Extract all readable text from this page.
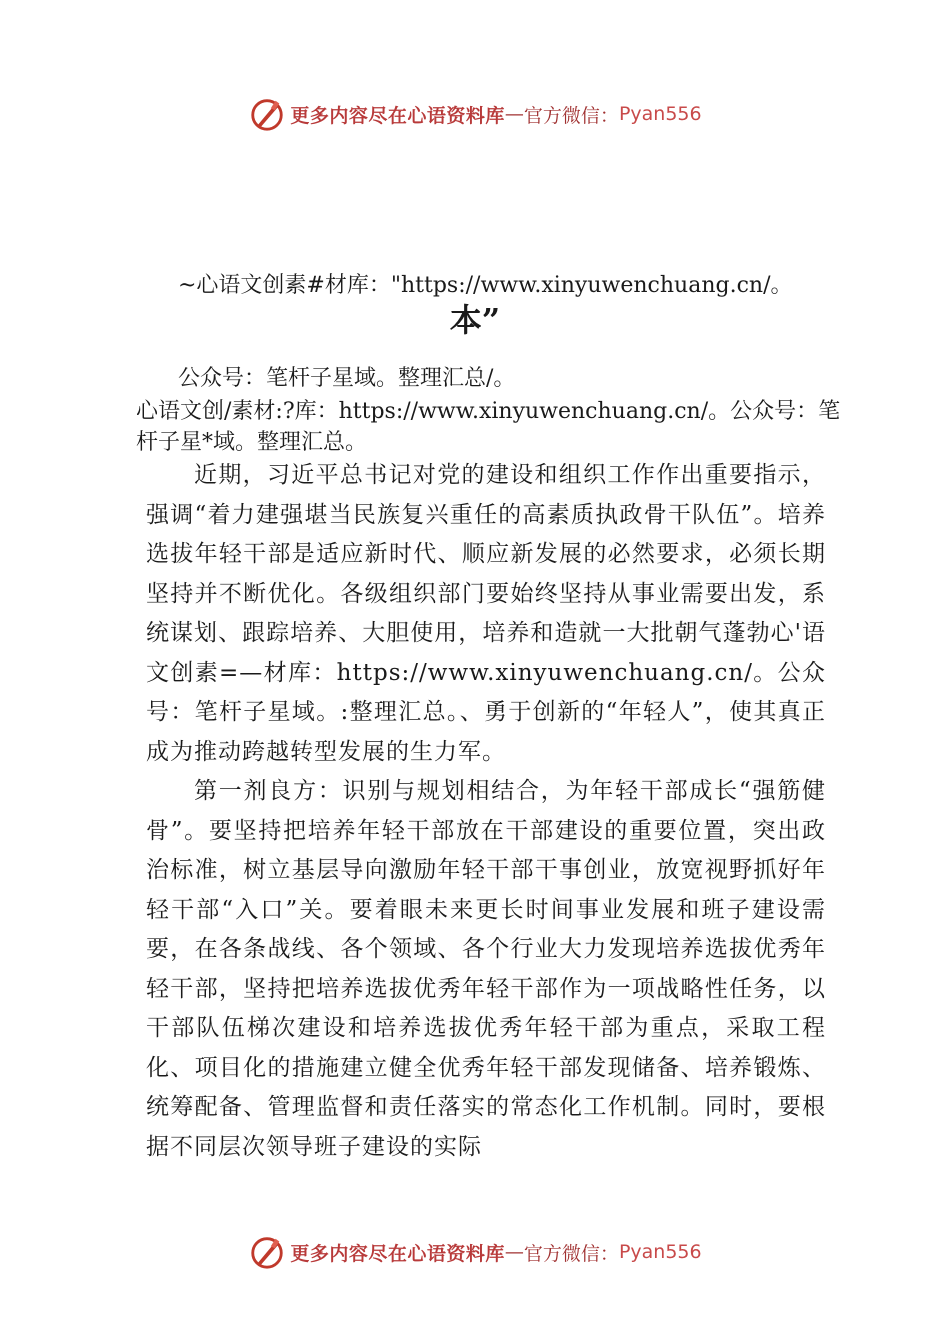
更多内容尽在心语资料库 — 官方微信： Pyan556

~心语文创素#材库："https://www.xinyuwenchuang.cn/。

公众号：笔杆子星域。整理汇总/。

本”
心语文创/素材:?库：https://www.xinyuwenchuang.cn/。公众号：笔杆子星*域。整理汇总。

近期，习近平总书记对党的建设和组织工作作出重要指示，强调“着力建强堪当民族复兴重任的高素质执政骨干队伍”。培养选拔年轻干部是适应新时代、顺应新发展的必然要求，必须长期坚持并不断优化。各级组织部门要始终坚持从事业需要出发，系统谋划、跟踪培养、大胆使用，培养和造就一大批朝气蓬勃心'语文创素=—材库：https://www.xinyuwenchuang.cn/。公众号：笔杆子星域。:整理汇总。、勇于创新的“年轻人”，使其真正成为推动跨越转型发展的生力军。

第一剂良方：识别与规划相结合，为年轻干部成长“强筋健骨”。要坚持把培养年轻干部放在干部建设的重要位置，突出政治标准，树立基层导向激励年轻干部干事创业，放宽视野抓好年轻干部“入口”关。要着眼未来更长时间事业发展和班子建设需要，在各条战线、各个领域、各个行业大力发现培养选拔优秀年轻干部，坚持把培养选拔优秀年轻干部作为一项战略性任务，以干部队伍梯次建设和培养选拔优秀年轻干部为重点，采取工程化、项目化的措施建立健全优秀年轻干部发现储备、培养锻炼、统筹配备、管理监督和责任落实的常态化工作机制。同时，要根据不同层次领导班子建设的实际

更多内容尽在心语资料库 — 官方微信： Pyan556
